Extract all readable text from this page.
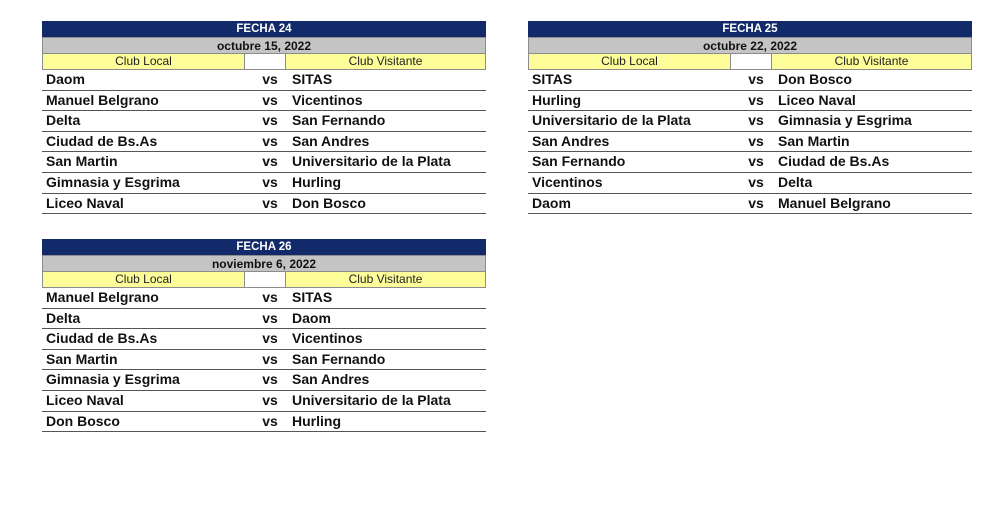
FECHA 24
octubre 15, 2022
Club Local	Club Visitante
Daom	vs	SITAS
Manuel Belgrano	vs	Vicentinos
Delta	vs	San Fernando
Ciudad de Bs.As	vs	San Andres
San Martin	vs	Universitario de la Plata
Gimnasia y Esgrima	vs	Hurling
Liceo Naval	vs	Don Bosco
FECHA 25
octubre 22, 2022
Club Local	Club Visitante
SITAS	vs	Don Bosco
Hurling	vs	Liceo Naval
Universitario de la Plata	vs	Gimnasia y Esgrima
San Andres	vs	San Martin
San Fernando	vs	Ciudad de Bs.As
Vicentinos	vs	Delta
Daom	vs	Manuel Belgrano
FECHA 26
noviembre 6, 2022
Club Local	Club Visitante
Manuel Belgrano	vs	SITAS
Delta	vs	Daom
Ciudad de Bs.As	vs	Vicentinos
San Martin	vs	San Fernando
Gimnasia y Esgrima	vs	San Andres
Liceo Naval	vs	Universitario de la Plata
Don Bosco	vs	Hurling
